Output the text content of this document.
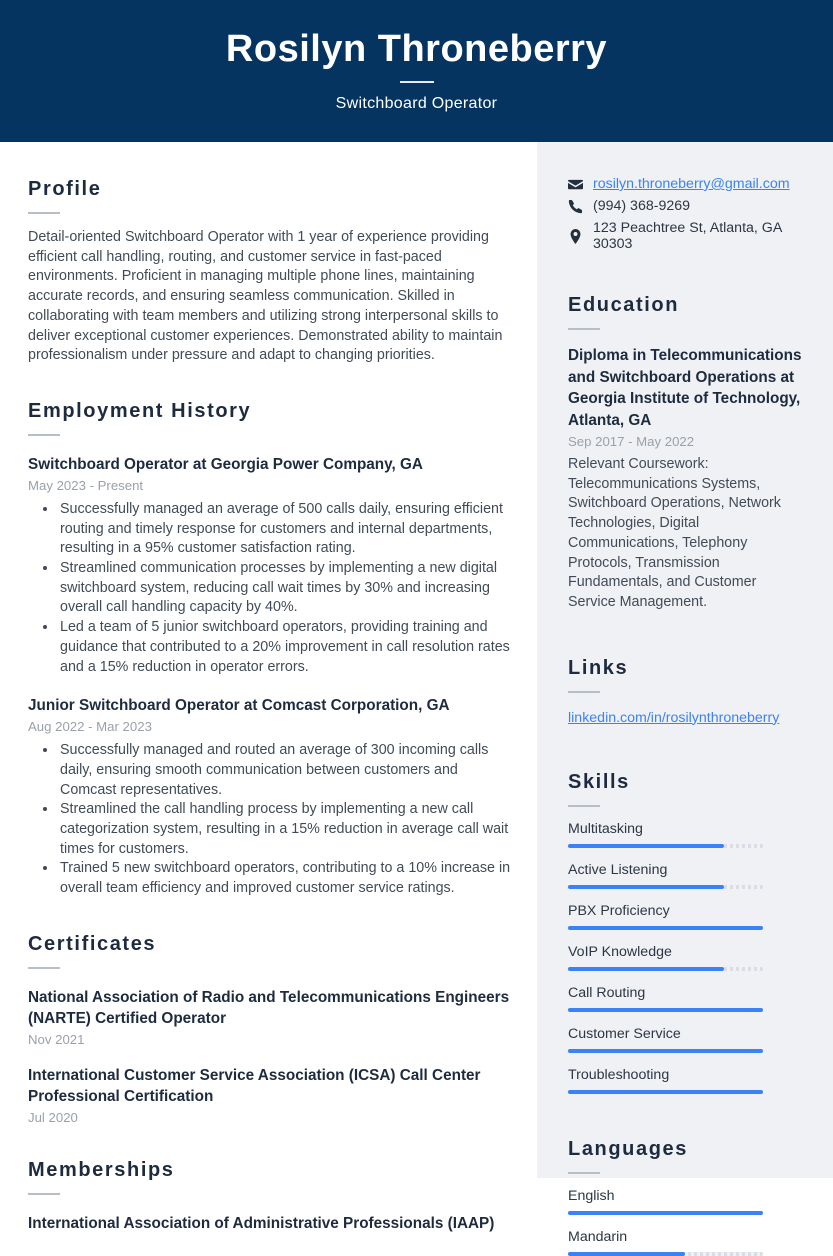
Rosilyn Throneberry
Switchboard Operator
Profile

Detail-oriented Switchboard Operator with 1 year of experience providing efficient call handling, routing, and customer service in fast-paced environments. Proficient in managing multiple phone lines, maintaining accurate records, and ensuring seamless communication. Skilled in collaborating with team members and utilizing strong interpersonal skills to deliver exceptional customer experiences. Demonstrated ability to maintain professionalism under pressure and adapt to changing priorities.

Employment History
Switchboard Operator at Georgia Power Company, GA
May 2023 - Present
• Successfully managed an average of 500 calls daily, ensuring efficient routing and timely response for customers and internal departments, resulting in a 95% customer satisfaction rating.
• Streamlined communication processes by implementing a new digital switchboard system, reducing call wait times by 30% and increasing overall call handling capacity by 40%.
• Led a team of 5 junior switchboard operators, providing training and guidance that contributed to a 20% improvement in call resolution rates and a 15% reduction in operator errors.
Junior Switchboard Operator at Comcast Corporation, GA
Aug 2022 - Mar 2023
• Successfully managed and routed an average of 300 incoming calls daily, ensuring smooth communication between customers and Comcast representatives.
• Streamlined the call handling process by implementing a new call categorization system, resulting in a 15% reduction in average call wait times for customers.
• Trained 5 new switchboard operators, contributing to a 10% increase in overall team efficiency and improved customer service ratings.
Certificates
National Association of Radio and Telecommunications Engineers (NARTE) Certified Operator
Nov 2021
International Customer Service Association (ICSA) Call Center Professional Certification
Jul 2020
Memberships
International Association of Administrative Professionals (IAAP)
rosilyn.throneberry@gmail.com
(994) 368-9269
123 Peachtree St, Atlanta, GA 30303
Education
Diploma in Telecommunications and Switchboard Operations at Georgia Institute of Technology, Atlanta, GA
Sep 2017 - May 2022

Relevant Coursework: Telecommunications Systems, Switchboard Operations, Network Technologies, Digital Communications, Telephony Protocols, Transmission Fundamentals, and Customer Service Management.

Links
linkedin.com/in/rosilynthroneberry
Skills
Multitasking
Active Listening
PBX Proficiency
VoIP Knowledge
Call Routing
Customer Service
Troubleshooting
Languages
English
Mandarin
